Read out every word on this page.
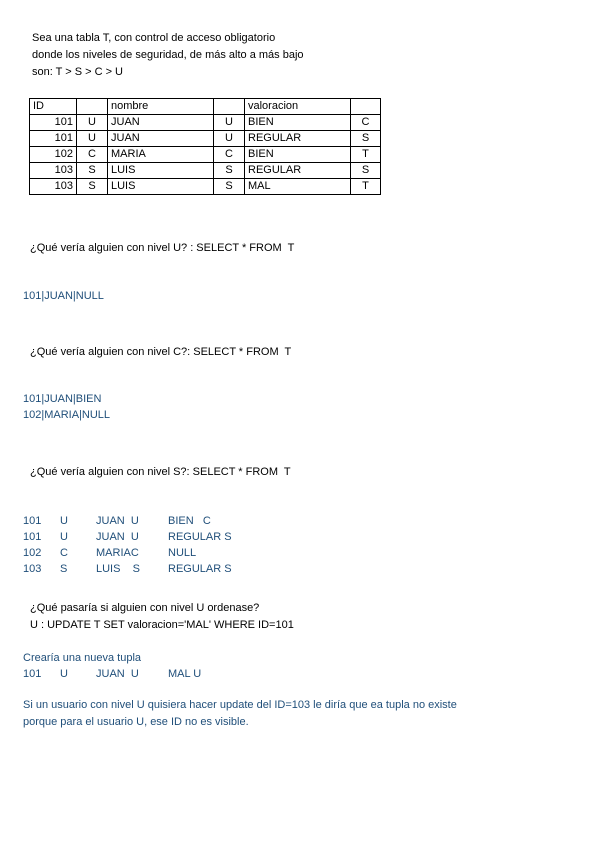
Sea una tabla T, con control de acceso obligatorio
donde los niveles de seguridad, de más alto a más bajo
son: T > S > C > U
ID		nombre		valoracion	
101	U	JUAN	U	BIEN	C
101	U	JUAN	U	REGULAR	S
102	C	MARIA	C	BIEN	T
103	S	LUIS	S	REGULAR	S
103	S	LUIS	S	MAL	T
¿Qué vería alguien con nivel U? : SELECT * FROM  T
101|JUAN|NULL
¿Qué vería alguien con nivel C?: SELECT * FROM  T
101|JUAN|BIEN
102|MARIA|NULL
¿Qué vería alguien con nivel S?: SELECT * FROM  T
101 U	JUAN  U	BIEN   C
101 U	JUAN  U	REGULAR S
102 C	MARIAC	NULL
103 S	LUIS    S	REGULAR S
¿Qué pasaría si alguien con nivel U ordenase?
U : UPDATE T SET valoracion='MAL' WHERE ID=101
Crearía una nueva tupla
101 U	JUAN  U	MAL U
Si un usuario con nivel U quisiera hacer update del ID=103 le diría que ea tupla no existe
porque para el usuario U, ese ID no es visible.
